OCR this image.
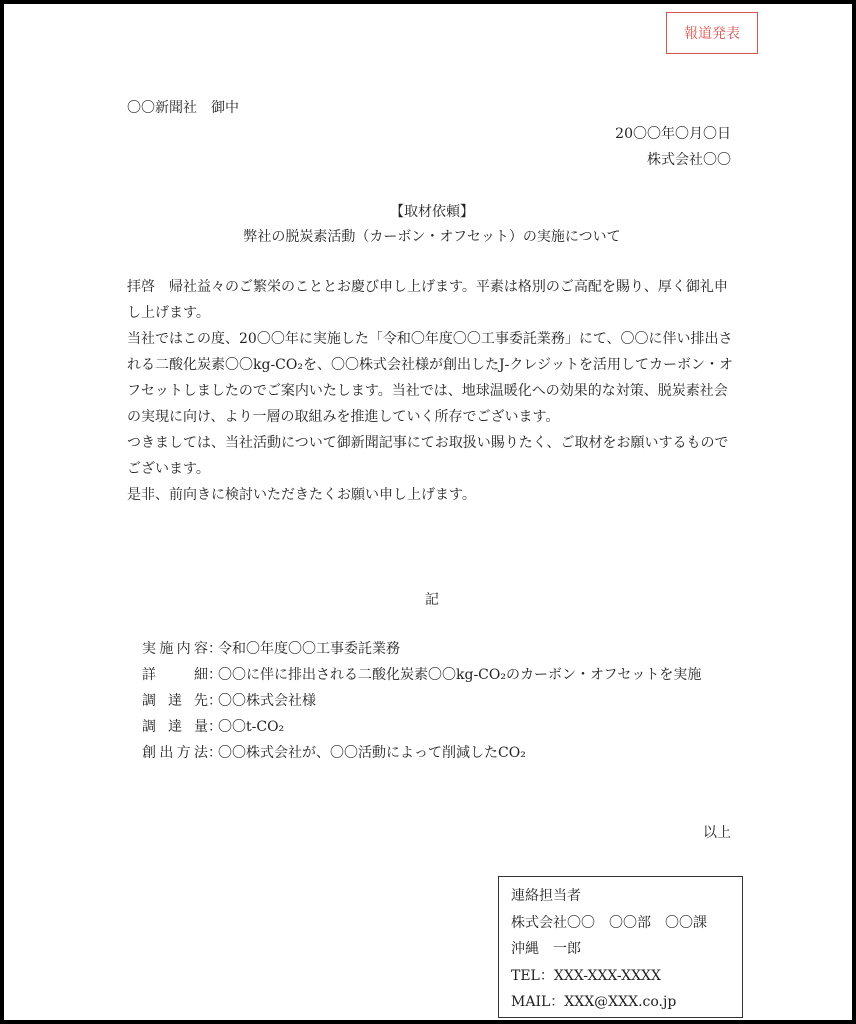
報道発表
〇〇新聞社　御中
20〇〇年〇月〇日
株式会社〇〇
【取材依頼】
弊社の脱炭素活動（カーボン・オフセット）の実施について

拝啓　帰社益々のご繁栄のこととお慶び申し上げます。平素は格別のご高配を賜り、厚く御礼申し上げます。

当社ではこの度、20〇〇年に実施した「令和〇年度〇〇工事委託業務」にて、〇〇に伴い排出される二酸化炭素〇〇kg-CO₂を、〇〇株式会社様が創出したJ-クレジットを活用してカーボン・オフセットしましたのでご案内いたします。当社では、地球温暖化への効果的な対策、脱炭素社会の実現に向け、より一層の取組みを推進していく所存でございます。

つきましては、当社活動について御新聞記事にてお取扱い賜りたく、ご取材をお願いするものでございます。

是非、前向きに検討いただきたくお願い申し上げます。

記
実施内容 ：
令和〇年度〇〇工事委託業務
詳細 ：
〇〇に伴に排出される二酸化炭素〇〇kg-CO₂のカーボン・オフセットを実施
調達先 ：
〇〇株式会社様
調達量 ：
〇〇t-CO₂
創出方法 ：
〇〇株式会社が、〇〇活動によって削減したCO₂
以上
連絡担当者
株式会社〇〇　〇〇部　〇〇課
沖縄　一郎
TEL：XXX-XXX-XXXX
MAIL：XXX@XXX.co.jp
